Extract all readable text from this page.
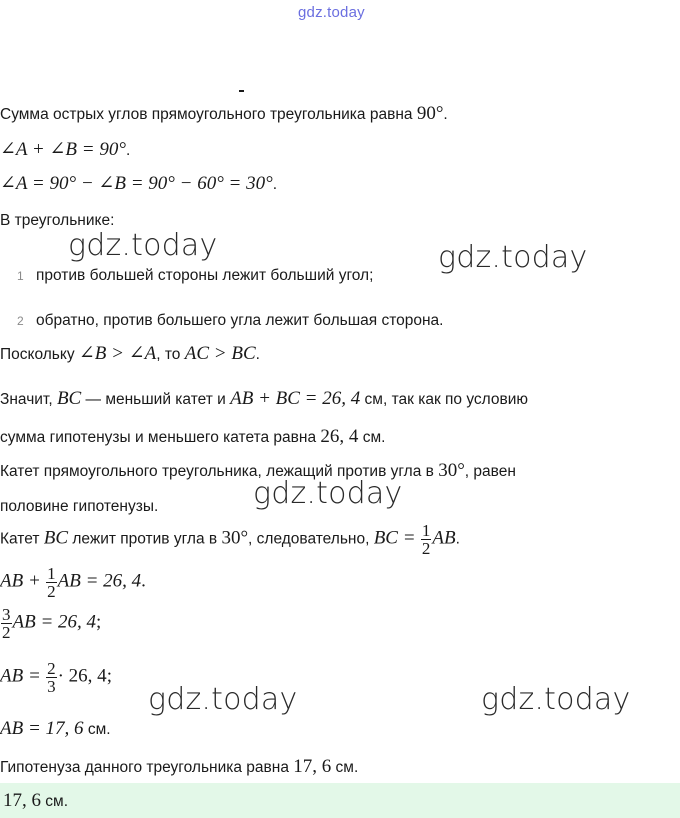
gdz.today
Сумма острых углов прямоугольного треугольника равна 90°.
∠A + ∠B = 90°.
∠A = 90° − ∠B = 90° − 60° = 30°.
В треугольнике:
gdz.today	gdz.today
1 против большей стороны лежит больший угол;
2 обратно, против большего угла лежит большая сторона.
Поскольку ∠B > ∠A, то AC > BC.
Значит, BC — меньший катет и AB + BC = 26, 4 см, так как по условию
сумма гипотенузы и меньшего катета равна 26, 4 см.
Катет прямоугольного треугольника, лежащий против угла в 30°, равен
gdz.today
половине гипотенузы.
Катет BC лежит против угла в 30°, следовательно, BC = $\frac{1}{2}$ AB.
AB + $\frac{1}{2}$ AB = 26, 4.
$\frac{3}{2}$ AB = 26, 4;
AB = $\frac{2}{3} \cdot 26$, 4;
gdz.today	gdz.today
AB = 17, 6 см.
Гипотенуза данного треугольника равна 17, 6 см.
17, 6 см.
